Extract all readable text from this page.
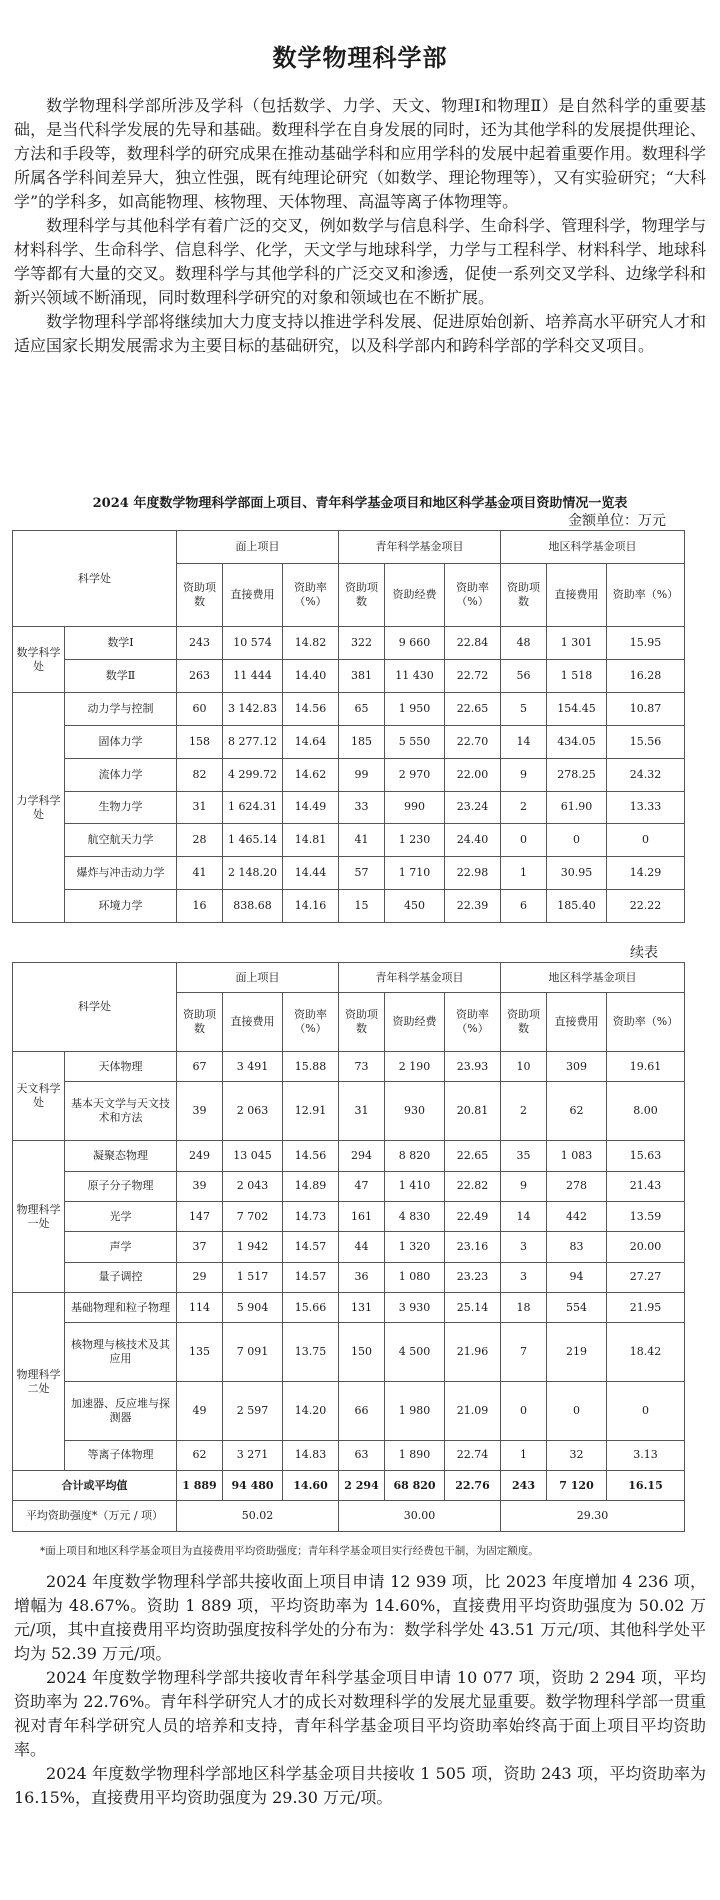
数学物理科学部

数学物理科学部所涉及学科（包括数学、力学、天文、物理Ⅰ和物理Ⅱ）是自然科学的重要基础，是当代科学发展的先导和基础。数理科学在自身发展的同时，还为其他学科的发展提供理论、方法和手段等，数理科学的研究成果在推动基础学科和应用学科的发展中起着重要作用。数理科学所属各学科间差异大，独立性强，既有纯理论研究（如数学、理论物理等），又有实验研究；“大科学”的学科多，如高能物理、核物理、天体物理、高温等离子体物理等。

数理科学与其他科学有着广泛的交叉，例如数学与信息科学、生命科学、管理科学，物理学与材料科学、生命科学、信息科学、化学，天文学与地球科学，力学与工程科学、材料科学、地球科学等都有大量的交叉。数理科学与其他学科的广泛交叉和渗透，促使一系列交叉学科、边缘学科和新兴领域不断涌现，同时数理科学研究的对象和领域也在不断扩展。

数学物理科学部将继续加大力度支持以推进学科发展、促进原始创新、培养高水平研究人才和适应国家长期发展需求为主要目标的基础研究，以及科学部内和跨科学部的学科交叉项目。

2024 年度数学物理科学部面上项目、青年科学基金项目和地区科学基金项目资助情况一览表
金额单位：万元
科学处		面上项目			青年科学基金项目			地区科学基金项目		
		资助项数	直接费用	资助率（%）	资助项数	资助经费	资助率（%）	资助项数	直接费用	资助率（%）
数学科学处	数学Ⅰ	243	10 574	14.82	322	9 660	22.84	48	1 301	15.95
	数学Ⅱ	263	11 444	14.40	381	11 430	22.72	56	1 518	16.28
力学科学处	动力学与控制	60	3 142.83	14.56	65	1 950	22.65	5	154.45	10.87
	固体力学	158	8 277.12	14.64	185	5 550	22.70	14	434.05	15.56
	流体力学	82	4 299.72	14.62	99	2 970	22.00	9	278.25	24.32
	生物力学	31	1 624.31	14.49	33	990	23.24	2	61.90	13.33
	航空航天力学	28	1 465.14	14.81	41	1 230	24.40	0	0	0
	爆炸与冲击动力学	41	2 148.20	14.44	57	1 710	22.98	1	30.95	14.29
	环境力学	16	838.68	14.16	15	450	22.39	6	185.40	22.22
续表
科学处		面上项目			青年科学基金项目			地区科学基金项目		
		资助项数	直接费用	资助率（%）	资助项数	资助经费	资助率（%）	资助项数	直接费用	资助率（%）
天文科学处	天体物理	67	3 491	15.88	73	2 190	23.93	10	309	19.61
	基本天文学与天文技术和方法	39	2 063	12.91	31	930	20.81	2	62	8.00
物理科学一处	凝聚态物理	249	13 045	14.56	294	8 820	22.65	35	1 083	15.63
	原子分子物理	39	2 043	14.89	47	1 410	22.82	9	278	21.43
	光学	147	7 702	14.73	161	4 830	22.49	14	442	13.59
	声学	37	1 942	14.57	44	1 320	23.16	3	83	20.00
	量子调控	29	1 517	14.57	36	1 080	23.23	3	94	27.27
物理科学二处	基础物理和粒子物理	114	5 904	15.66	131	3 930	25.14	18	554	21.95
	核物理与核技术及其应用	135	7 091	13.75	150	4 500	21.96	7	219	18.42
	加速器、反应堆与探测器	49	2 597	14.20	66	1 980	21.09	0	0	0
	等离子体物理	62	3 271	14.83	63	1 890	22.74	1	32	3.13
合计或平均值		1 889	94 480	14.60	2 294	68 820	22.76	243	7 120	16.15
平均资助强度*（万元 / 项）		50.02			30.00			29.30		
*面上项目和地区科学基金项目为直接费用平均资助强度；青年科学基金项目实行经费包干制，为固定额度。

2024 年度数学物理科学部共接收面上项目申请 12 939 项，比 2023 年度增加 4 236 项，增幅为 48.67%。资助 1 889 项，平均资助率为 14.60%，直接费用平均资助强度为 50.02 万元/项，其中直接费用平均资助强度按科学处的分布为：数学科学处 43.51 万元/项、其他科学处平均为 52.39 万元/项。

2024 年度数学物理科学部共接收青年科学基金项目申请 10 077 项，资助 2 294 项，平均资助率为 22.76%。青年科学研究人才的成长对数理科学的发展尤显重要。数学物理科学部一贯重视对青年科学研究人员的培养和支持，青年科学基金项目平均资助率始终高于面上项目平均资助率。

2024 年度数学物理科学部地区科学基金项目共接收 1 505 项，资助 243 项，平均资助率为 16.15%，直接费用平均资助强度为 29.30 万元/项。
